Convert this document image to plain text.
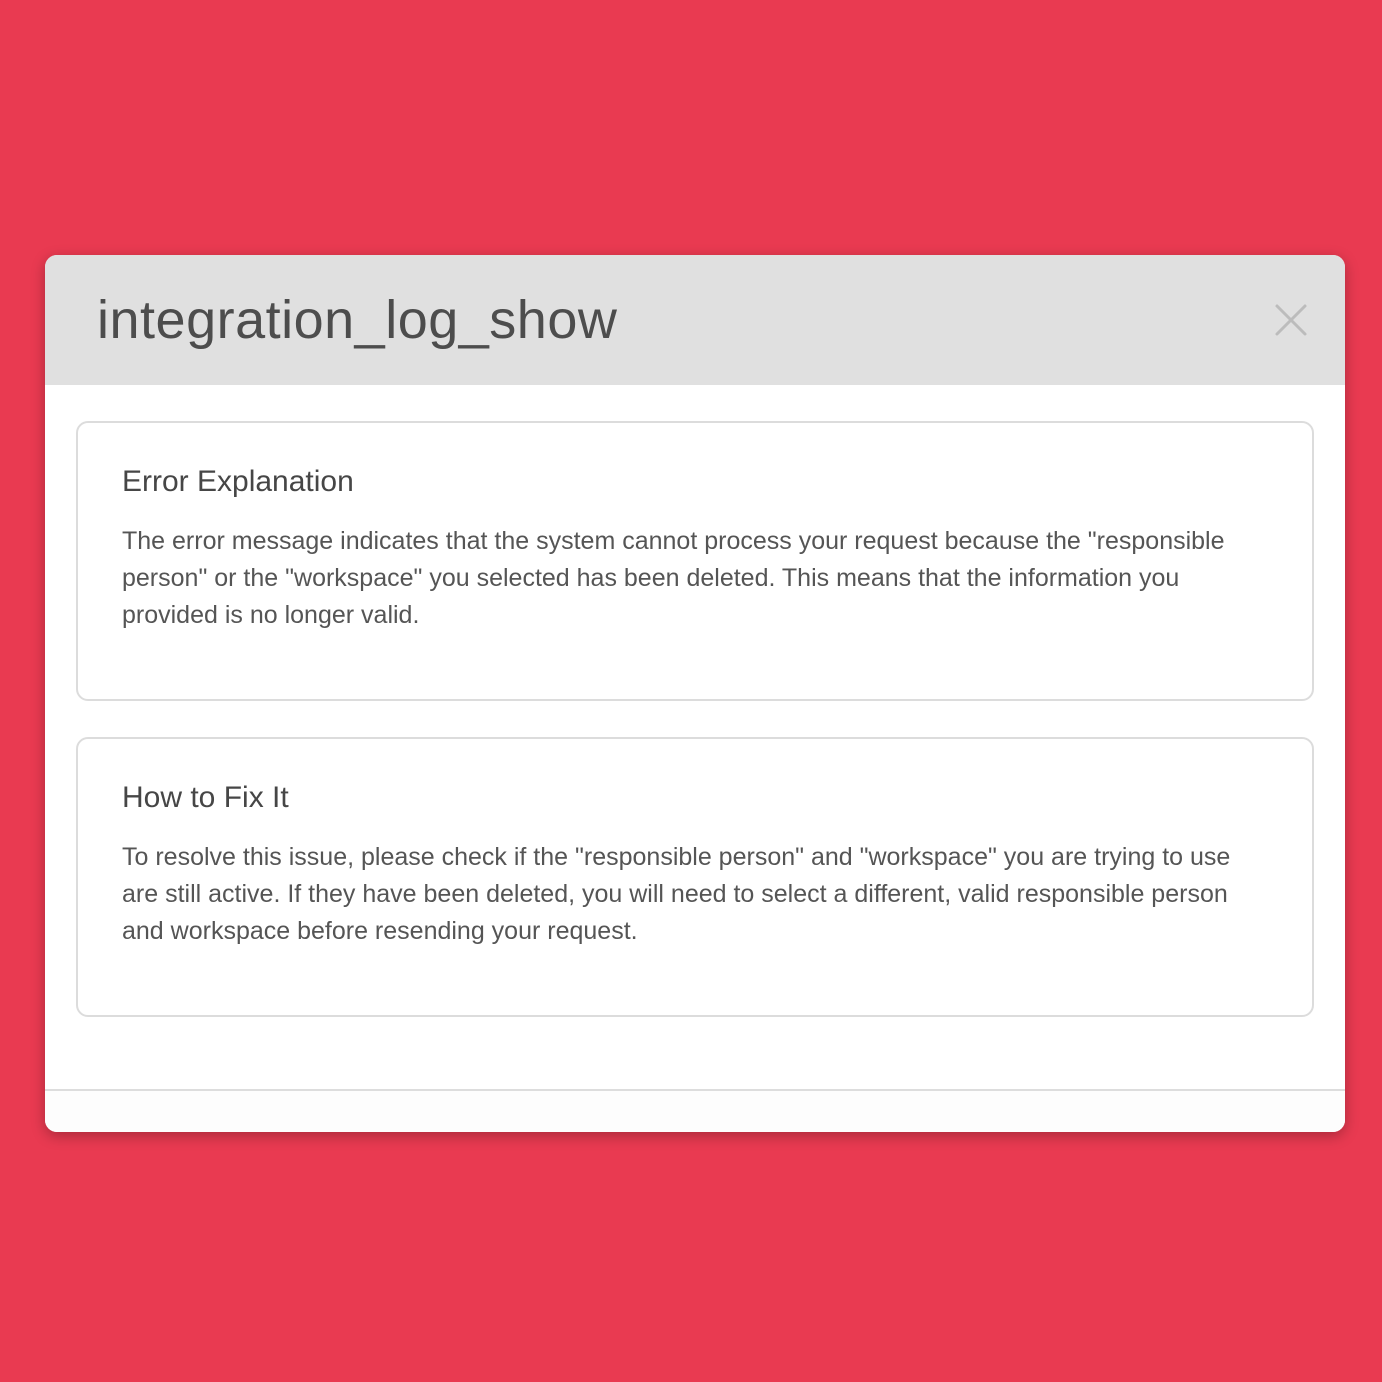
integration_log_show
Error Explanation

The error message indicates that the system cannot process your request because the "responsible person" or the "workspace" you selected has been deleted. This means that the information you provided is no longer valid.

How to Fix It

To resolve this issue, please check if the "responsible person" and "workspace" you are trying to use are still active. If they have been deleted, you will need to select a different, valid responsible person and workspace before resending your request.
